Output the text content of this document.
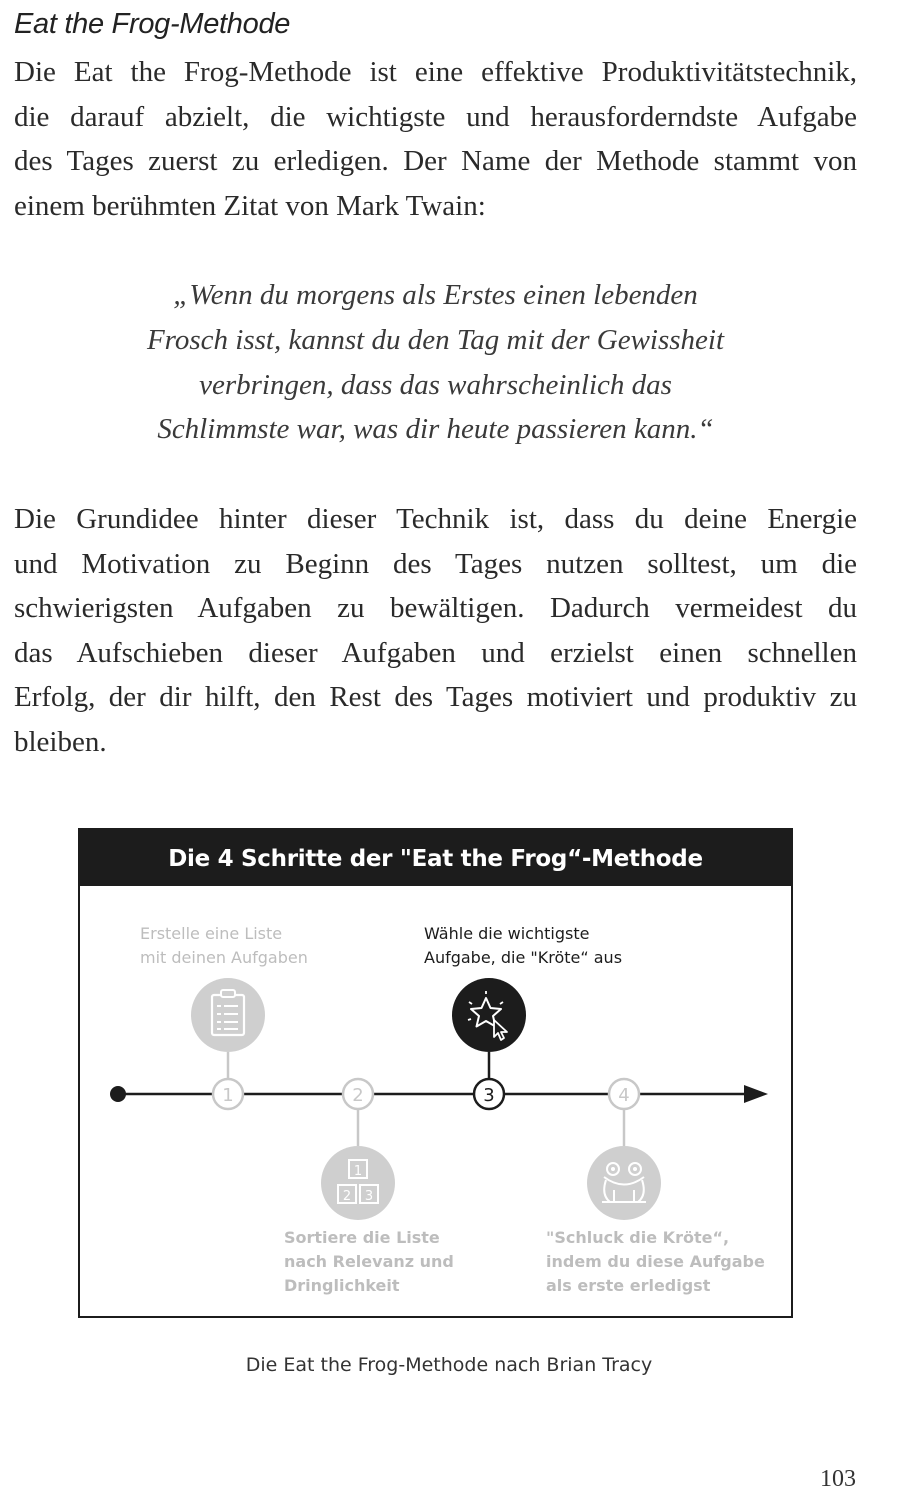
Eat the Frog-Methode
Die Eat the Frog-Methode ist eine effektive Produktivitätstechnik,
die darauf abzielt, die wichtigste und herausforderndste Aufgabe
des Tages zuerst zu erledigen. Der Name der Methode stammt von
einem berühmten Zitat von Mark Twain:
„Wenn du morgens als Erstes einen lebenden
Frosch isst, kannst du den Tag mit der Gewissheit
verbringen, dass das wahrscheinlich das
Schlimmste war, was dir heute passieren kann.“
Die Grundidee hinter dieser Technik ist, dass du deine Energie
und Motivation zu Beginn des Tages nutzen solltest, um die
schwierigsten Aufgaben zu bewältigen. Dadurch vermeidest du
das Aufschieben dieser Aufgaben und erzielst einen schnellen
Erfolg, der dir hilft, den Rest des Tages motiviert und produktiv zu
bleiben.
1	2	3	4
1
2 3
Die 4 Schritte der "Eat the Frog“-Methode
Erstelle eine Liste
mit deinen Aufgaben
Wähle die wichtigste
Aufgabe, die "Kröte“ aus
Sortiere die Liste
nach Relevanz und
Dringlichkeit
"Schluck die Kröte“,
indem du diese Aufgabe
als erste erledigst
Die Eat the Frog-Methode nach Brian Tracy
103
